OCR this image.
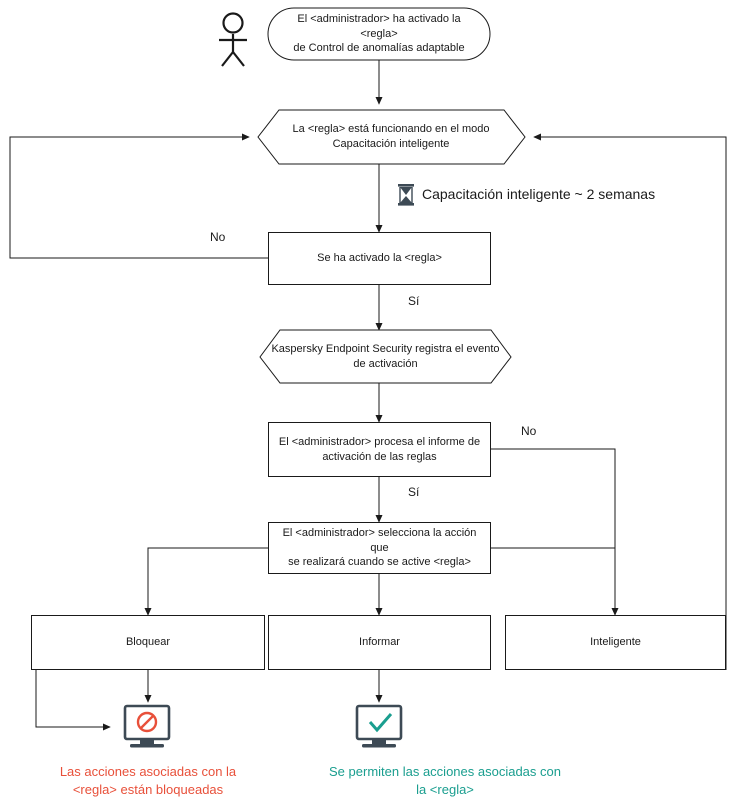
El <administrador> ha activado la <regla>
de Control de anomalías adaptable
La <regla> está funcionando en el modo
Capacitación inteligente
Se ha activado la <regla>
Kaspersky Endpoint Security registra el evento
de activación
El <administrador> procesa el informe de
activación de las reglas
El <administrador> selecciona la acción que
se realizará cuando se active <regla>
Bloquear	Informar	Inteligente
No
Sí
No
Sí
Capacitación inteligente ~ 2 semanas
Las acciones asociadas con la
<regla> están bloqueadas
Se permiten las acciones asociadas con
la <regla>
